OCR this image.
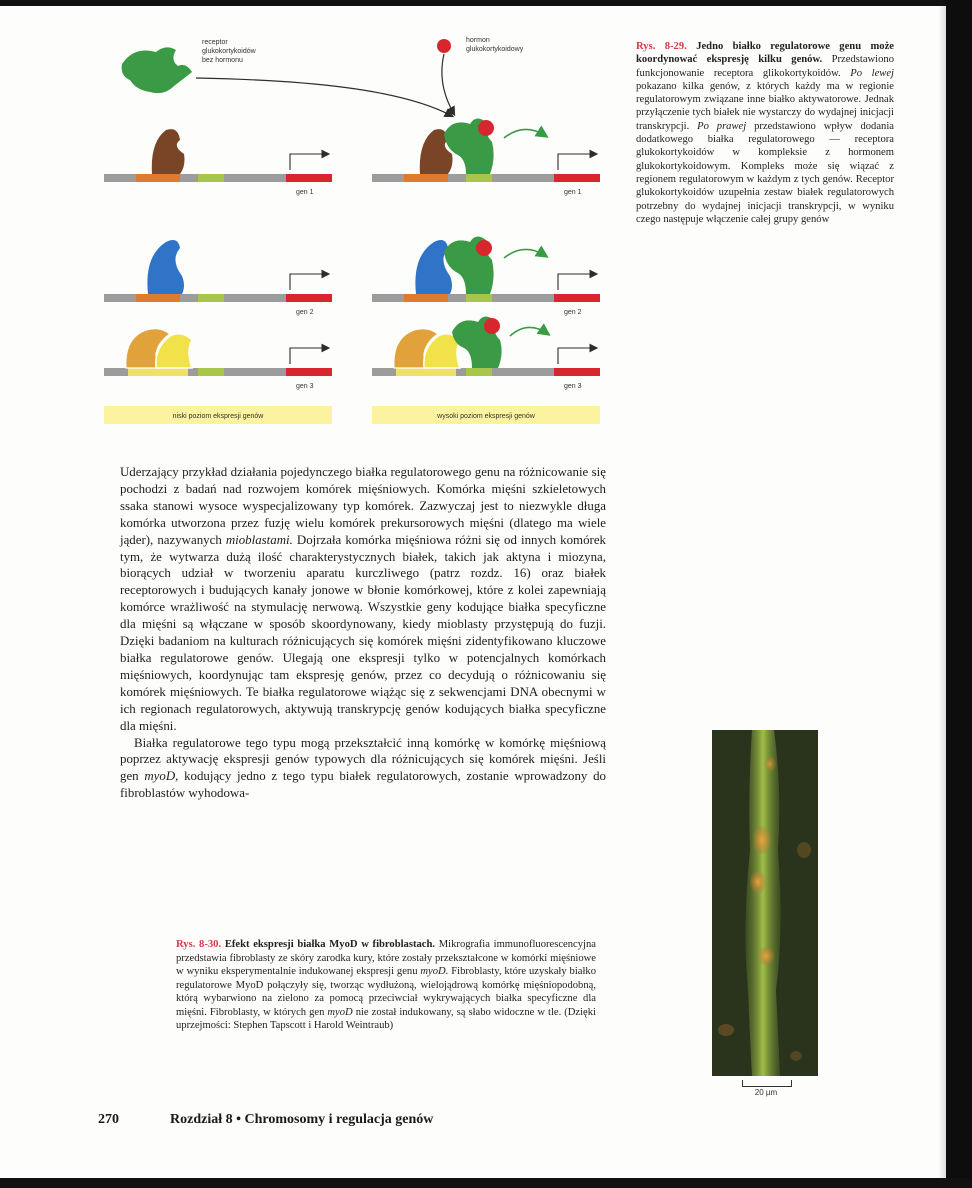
receptor
glukokortykoidów
bez hormonu
hormon
glukokortykoidowy
gen 1	gen 1
gen 2	gen 2
gen 3	gen 3
niski poziom ekspresji genów	wysoki poziom ekspresji genów
Rys. 8-29. Jedno białko regulatorowe genu może koordynować ekspresję kilku genów. Przedstawiono funkcjonowanie receptora glikokortykoidów. Po lewej pokazano kilka genów, z których każdy ma w regionie regulatorowym związane inne białko aktywatorowe. Jednak przyłączenie tych białek nie wystarczy do wydajnej inicjacji transkrypcji. Po prawej przedstawiono wpływ dodania dodatkowego białka regulatorowego — receptora glukokortykoidów w kompleksie z hormonem glukokortykoidowym. Kompleks może się wiązać z regionem regulatorowym w każdym z tych genów. Receptor glukokortykoidów uzupełnia zestaw białek regulatorowych potrzebny do wydajnej inicjacji transkrypcji, w wyniku czego następuje włączenie całej grupy genów

Uderzający przykład działania pojedynczego białka regulatorowego genu na różnicowanie się pochodzi z badań nad rozwojem komórek mięśniowych. Komórka mięśni szkieletowych ssaka stanowi wysoce wyspecjalizowany typ komórek. Zazwyczaj jest to niezwykle długa komórka utworzona przez fuzję wielu komórek prekursorowych mięśni (dlatego ma wiele jąder), nazywanych mioblastami. Dojrzała komórka mięśniowa różni się od innych komórek tym, że wytwarza dużą ilość charakterystycznych białek, takich jak aktyna i miozyna, biorących udział w tworzeniu aparatu kurczliwego (patrz rozdz. 16) oraz białek receptorowych i budujących kanały jonowe w błonie komórkowej, które z kolei zapewniają komórce wrażliwość na stymulację nerwową. Wszystkie geny kodujące białka specyficzne dla mięśni są włączane w sposób skoordynowany, kiedy mioblasty przystępują do fuzji. Dzięki badaniom na kulturach różnicujących się komórek mięśni zidentyfikowano kluczowe białka regulatorowe genów. Ulegają one ekspresji tylko w potencjalnych komórkach mięśniowych, koordynując tam ekspresję genów, przez co decydują o różnicowaniu się komórek mięśniowych. Te białka regulatorowe wiążąc się z sekwencjami DNA obecnymi w ich regionach regulatorowych, aktywują transkrypcję genów kodujących białka specyficzne dla mięśni.

Białka regulatorowe tego typu mogą przekształcić inną komórkę w komórkę mięśniową poprzez aktywację ekspresji genów typowych dla różnicujących się komórek mięśni. Jeśli gen myoD, kodujący jedno z tego typu białek regulatorowych, zostanie wprowadzony do fibroblastów wyhodowa-

Rys. 8-30. Efekt ekspresji białka MyoD w fibroblastach. Mikrografia immunofluorescencyjna przedstawia fibroblasty ze skóry zarodka kury, które zostały przekształcone w komórki mięśniowe w wyniku eksperymentalnie indukowanej ekspresji genu myoD. Fibroblasty, które uzyskały białko regulatorowe MyoD połączyły się, tworząc wydłużoną, wielojądrową komórkę mięśniopodobną, którą wybarwiono na zielono za pomocą przeciwciał wykrywających białka specyficzne dla mięśni. Fibroblasty, w których gen myoD nie został indukowany, są słabo widoczne w tle. (Dzięki uprzejmości: Stephen Tapscott i Harold Weintraub)
20 µm
270	Rozdział 8 • Chromosomy i regulacja genów
